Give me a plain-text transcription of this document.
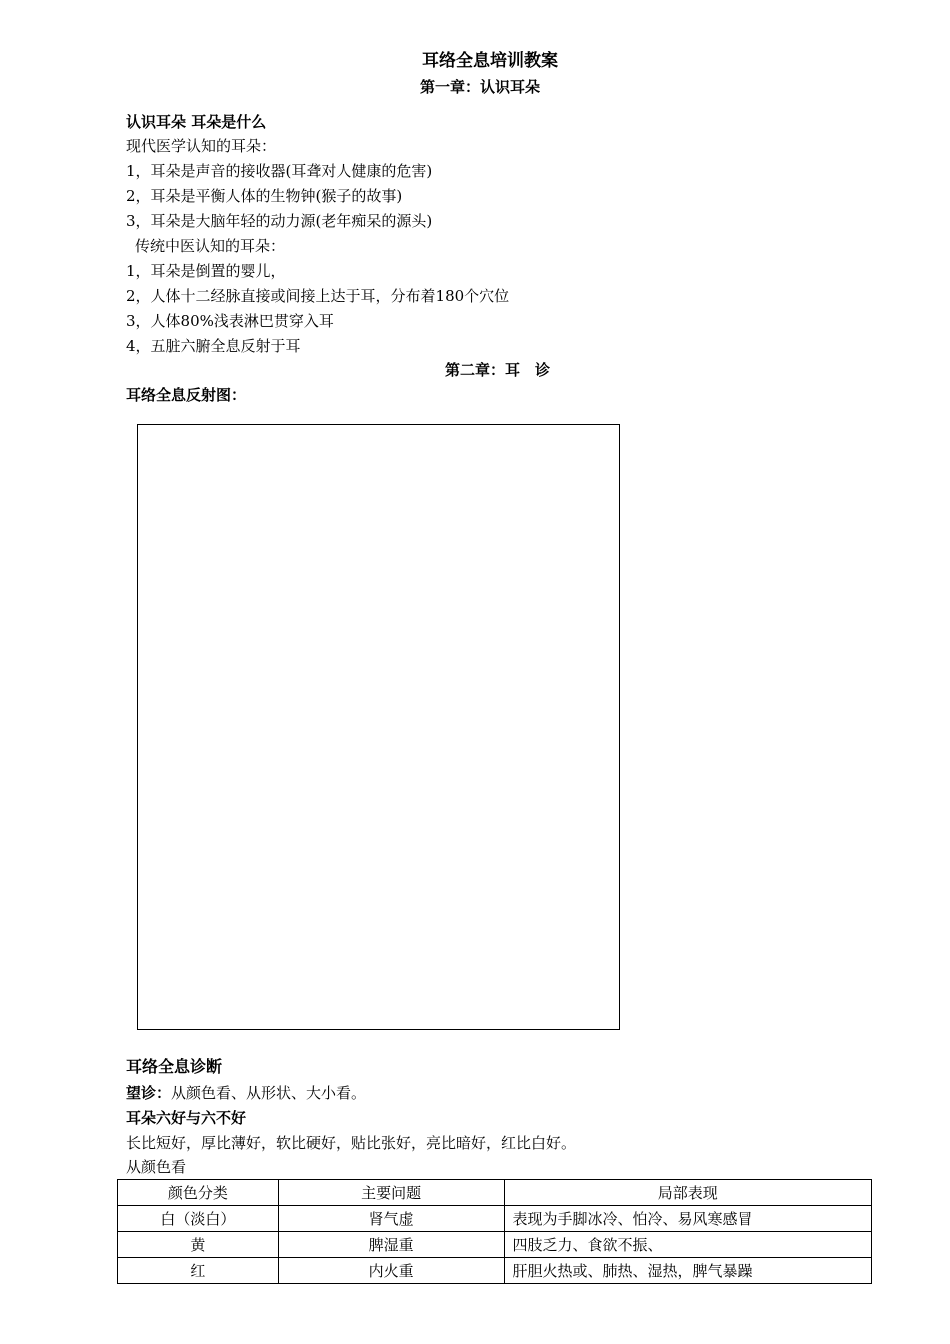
耳络全息培训教案
第一章：认识耳朵
认识耳朵 耳朵是什么
现代医学认知的耳朵：
1，耳朵是声音的接收器(耳聋对人健康的危害)
2，耳朵是平衡人体的生物钟(猴子的故事)
3，耳朵是大脑年轻的动力源(老年痴呆的源头)
传统中医认知的耳朵：
1，耳朵是倒置的婴儿，
2，人体十二经脉直接或间接上达于耳，分布着180个穴位
3，人体80%浅表淋巴贯穿入耳
4，五脏六腑全息反射于耳
第二章：耳　诊
耳络全息反射图：
耳络全息诊断
望诊：从颜色看、从形状、大小看。
耳朵六好与六不好
长比短好，厚比薄好，软比硬好，贴比张好，亮比暗好，红比白好。
从颜色看
颜色分类	主要问题	局部表现
白（淡白）	肾气虚	表现为手脚冰冷、怕冷、易风寒感冒
黄	脾湿重	四肢乏力、食欲不振、
红	内火重	肝胆火热或、肺热、湿热，脾气暴躁
